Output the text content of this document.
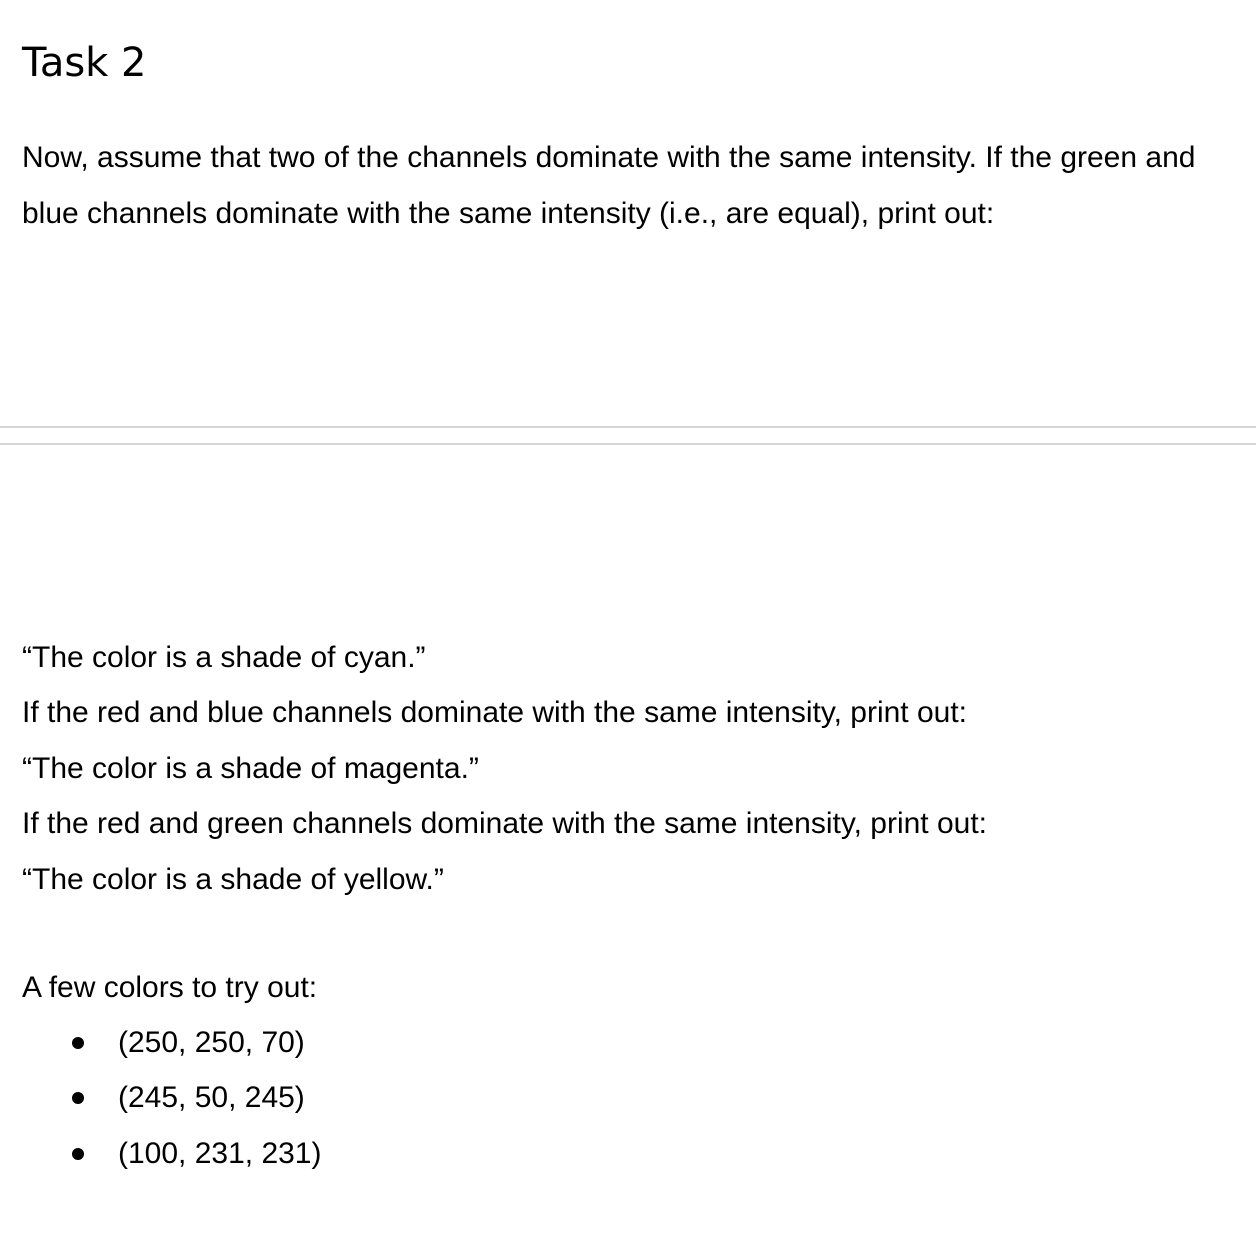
Task 2

Now, assume that two of the channels dominate with the same intensity. If the green and blue channels dominate with the same intensity (i.e., are equal), print out:

“The color is a shade of cyan.”
If the red and blue channels dominate with the same intensity, print out:
“The color is a shade of magenta.”
If the red and green channels dominate with the same intensity, print out:
“The color is a shade of yellow.”

A few colors to try out:

(250, 250, 70)
(245, 50, 245)
(100, 231, 231)
